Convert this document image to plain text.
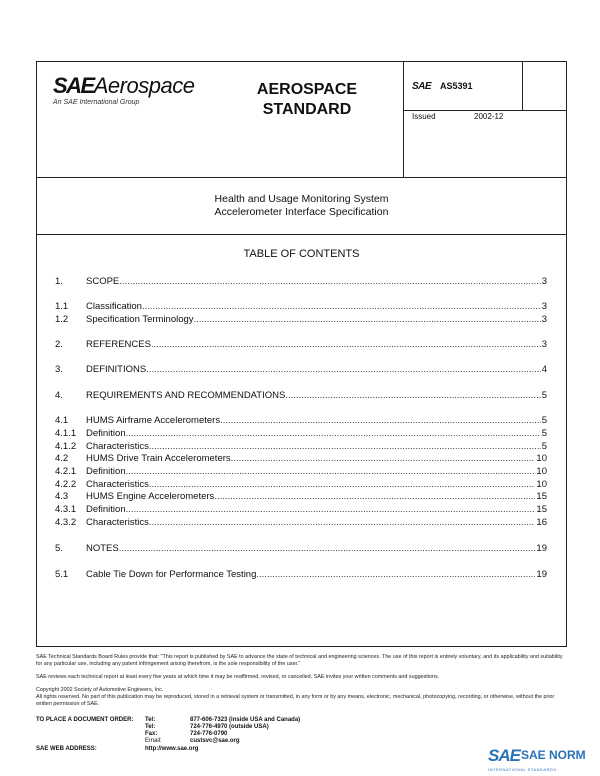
SAEAerospace
An SAE International Group
AEROSPACE
STANDARD
SAE AS5391
Issued	2002-12
Health and Usage Monitoring System
Accelerometer Interface Specification
TABLE OF CONTENTS
1.	SCOPE .....	3
1.1	Classification .....	3
1.2	Specification Terminology .....	3
2.	REFERENCES .....	3
3.	DEFINITIONS .....	4
4.	REQUIREMENTS AND RECOMMENDATIONS .....	5
4.1	HUMS Airframe Accelerometers .....	5
4.1.1	Definition .....	5
4.1.2	Characteristics .....	5
4.2	HUMS Drive Train Accelerometers .....	10
4.2.1	Definition .....	10
4.2.2	Characteristics .....	10
4.3	HUMS Engine Accelerometers .....	15
4.3.1	Definition .....	15
4.3.2	Characteristics .....	16
5.	NOTES .....	19
5.1	Cable Tie Down for Performance Testing .....	19
SAE Technical Standards Board Rules provide that: "This report is published by SAE to advance the state of technical and engineering sciences. The use of this report is entirely voluntary, and its applicability and suitability for any particular use, including any patent infringement arising therefrom, is the sole responsibility of the user."
SAE reviews each technical report at least every five years at which time it may be reaffirmed, revised, or cancelled. SAE invites your written comments and suggestions.
Copyright 2002 Society of Automotive Engineers, Inc.
All rights reserved. No part of this publication may be reproduced, stored in a retrieval system or transmitted, in any form or by any means, electronic, mechanical, photocopying, recording, or otherwise, without the prior written permission of SAE.
TO PLACE A DOCUMENT ORDER: Tel:	877-606-7323 (inside USA and Canada)
Tel:	724-776-4970 (outside USA)
Fax:	724-776-0790
Email:	custsvc@sae.org
SAE WEB ADDRESS:	http://www.sae.org	SAE SAE NORM
INTERNATIONAL STANDARDS
